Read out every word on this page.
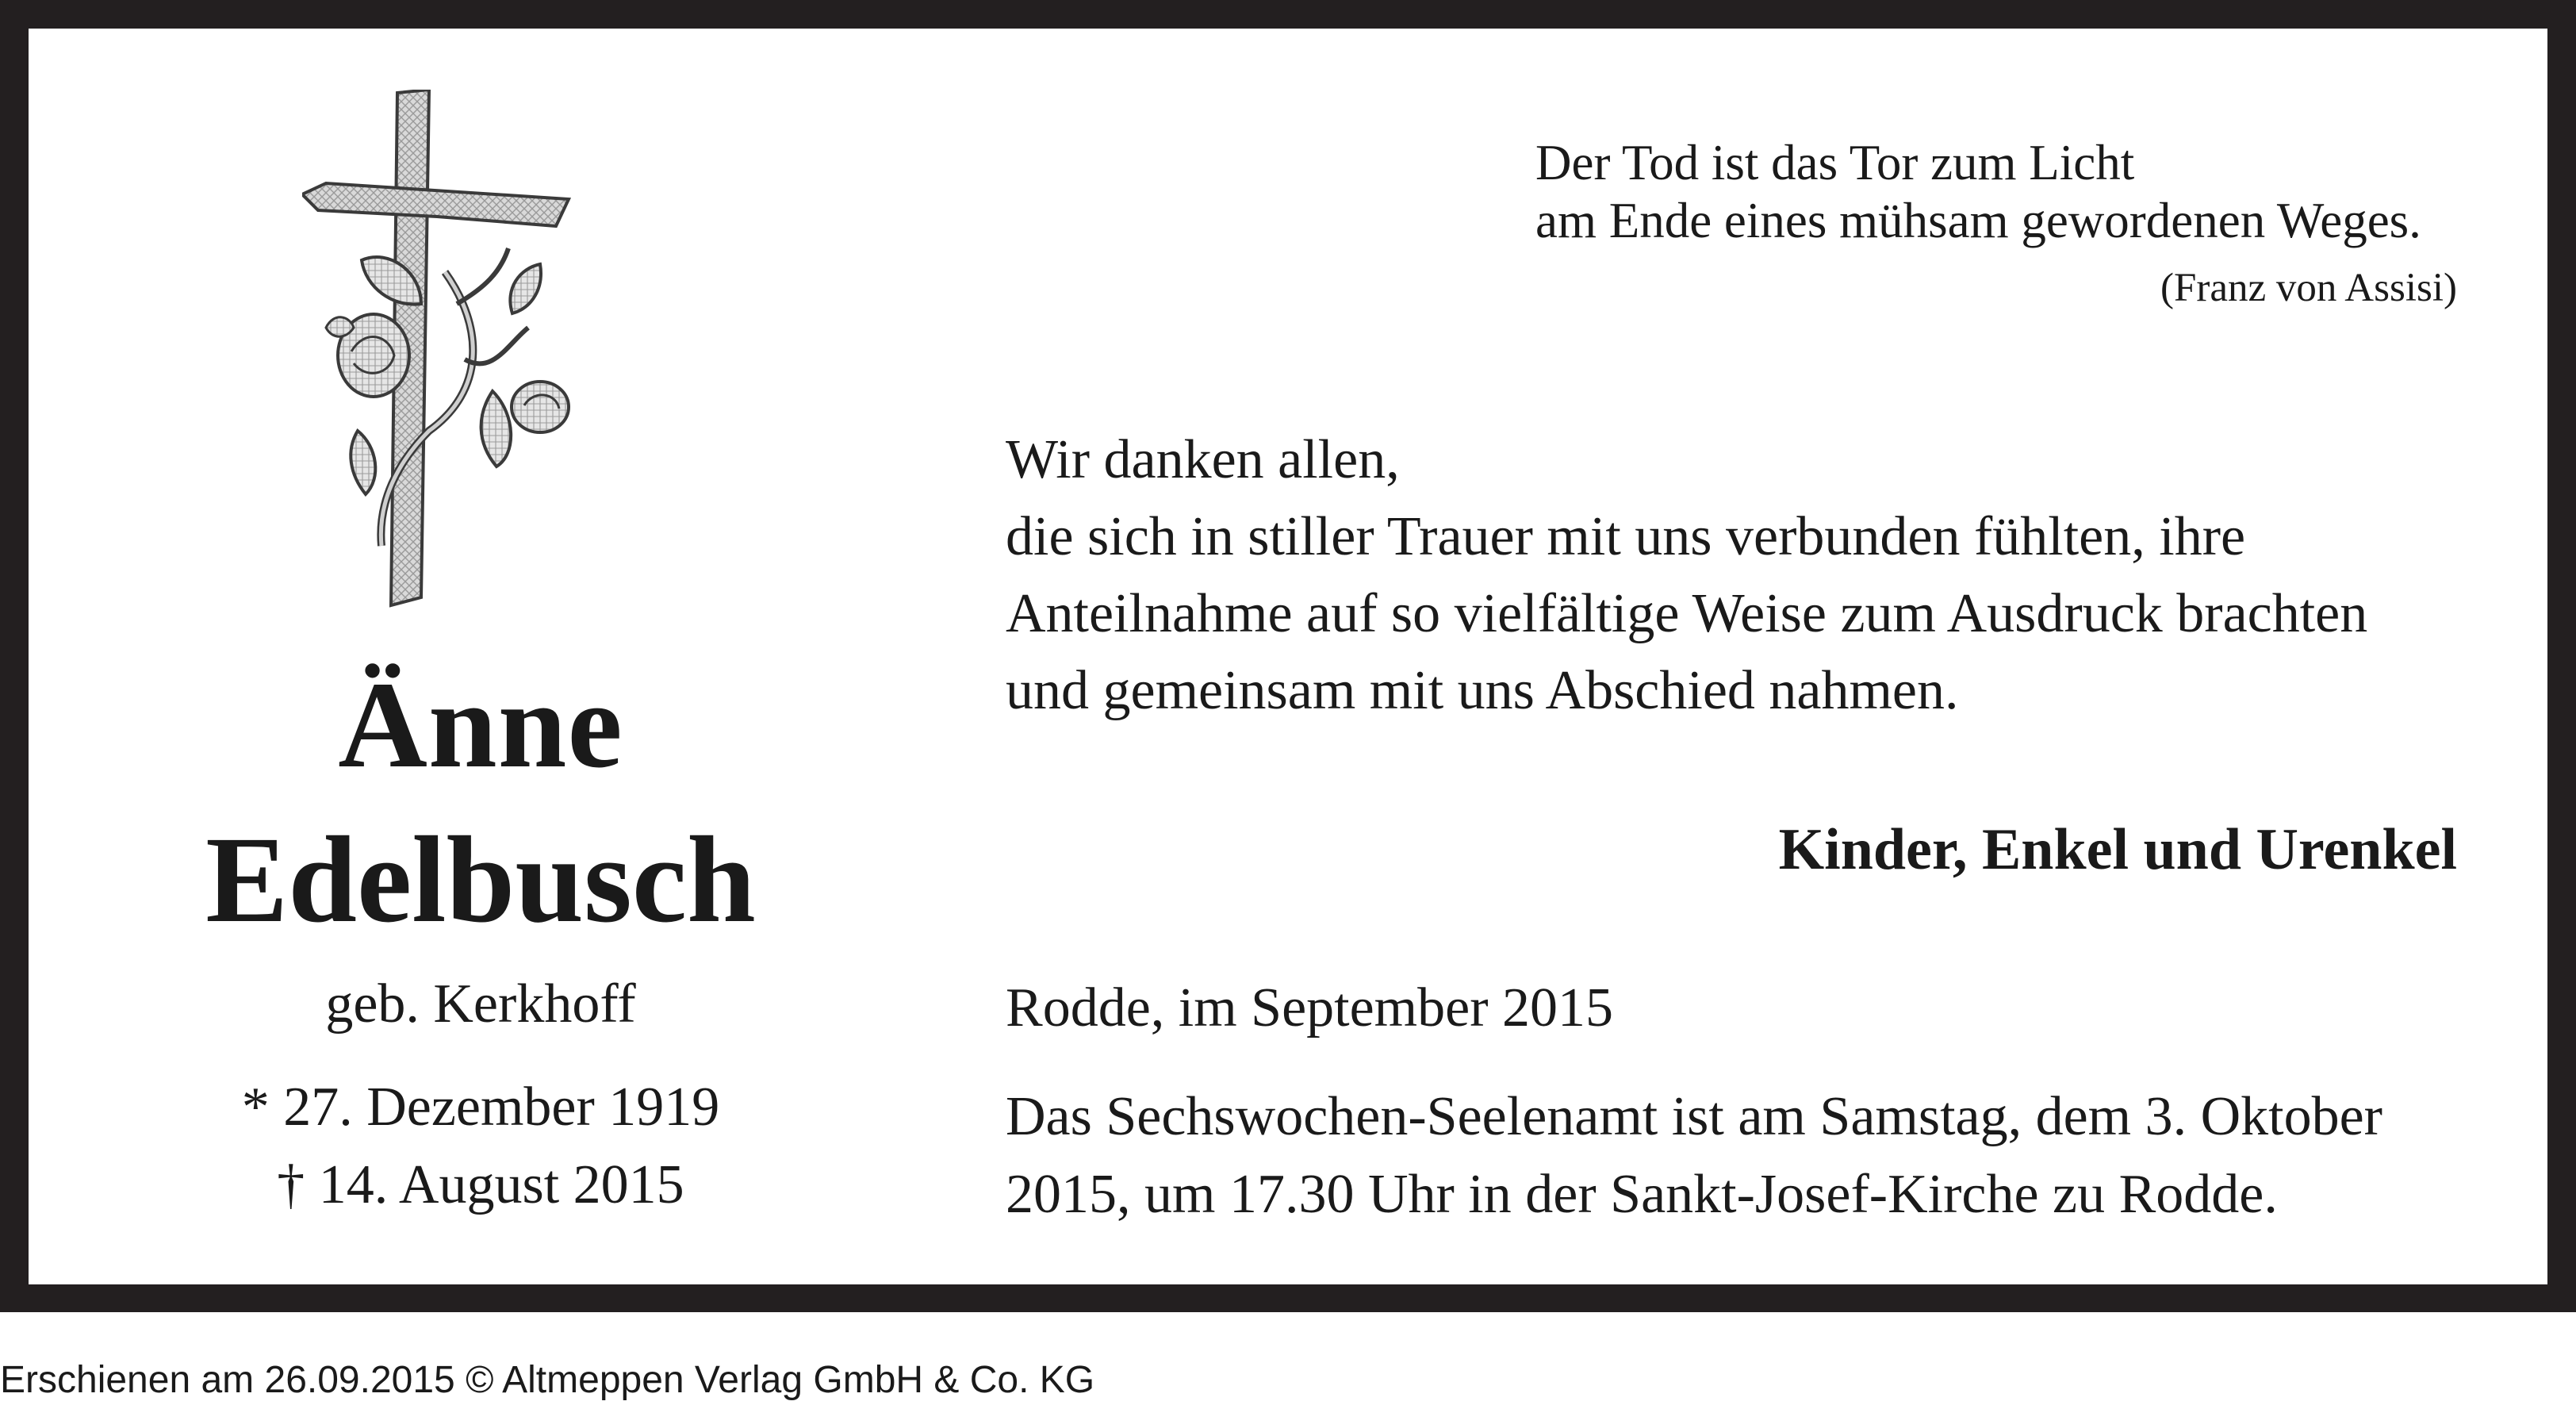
Änne
Edelbusch
geb. Kerkhoff
* 27. Dezember 1919
† 14. August 2015
Der Tod ist das Tor zum Licht
am Ende eines mühsam gewordenen Weges.
(Franz von Assisi)
Wir danken allen,
die sich in stiller Trauer mit uns verbunden fühlten, ihre
Anteilnahme auf so vielfältige Weise zum Ausdruck brachten
und gemeinsam mit uns Abschied nahmen.
Kinder, Enkel und Urenkel
Rodde, im September 2015
Das Sechswochen-Seelenamt ist am Samstag, dem 3. Oktober
2015, um 17.30 Uhr in der Sankt-Josef-Kirche zu Rodde.
Erschienen am 26.09.2015 © Altmeppen Verlag GmbH & Co. KG
